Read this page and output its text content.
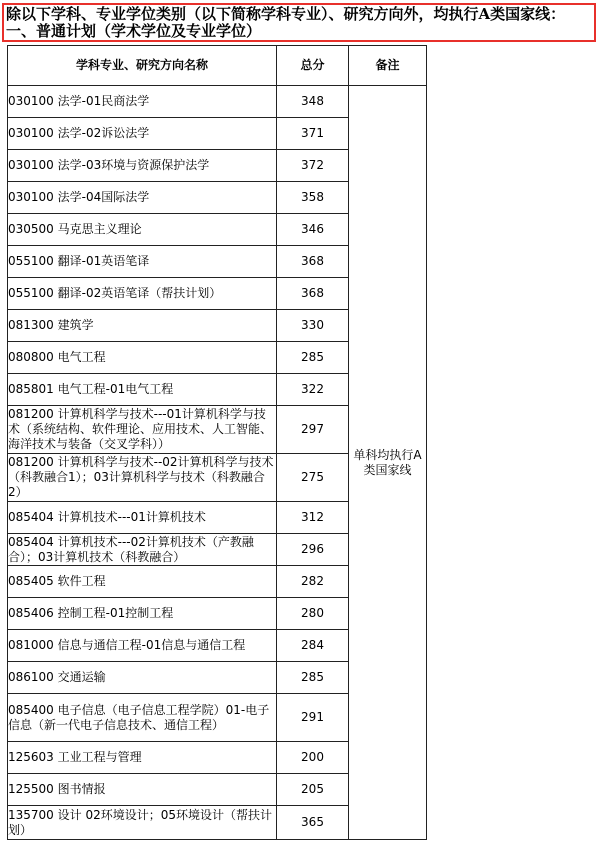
除以下学科、专业学位类别（以下简称学科专业）、研究方向外，均执行A类国家线：
一、普通计划（学术学位及专业学位）
学科专业、研究方向名称	总分	备注
030100 法学-01民商法学	348	单科均执行A类国家线
030100 法学-02诉讼法学	371	
030100 法学-03环境与资源保护法学	372	
030100 法学-04国际法学	358	
030500 马克思主义理论	346	
055100 翻译-01英语笔译	368	
055100 翻译-02英语笔译（帮扶计划）	368	
081300 建筑学	330	
080800 电气工程	285	
085801 电气工程-01电气工程	322	
081200 计算机科学与技术---01计算机科学与技术（系统结构、软件理论、应用技术、人工智能、海洋技术与装备（交叉学科））	297	
081200 计算机科学与技术--02计算机科学与技术（科教融合1）；03计算机科学与技术（科教融合2）	275	
085404 计算机技术---01计算机技术	312	
085404 计算机技术---02计算机技术（产教融合）；03计算机技术（科教融合）	296	
085405 软件工程	282	
085406 控制工程-01控制工程	280	
081000 信息与通信工程-01信息与通信工程	284	
086100 交通运输	285	
085400 电子信息（电子信息工程学院）01-电子信息（新一代电子信息技术、通信工程）	291	
125603 工业工程与管理	200	
125500 图书情报	205	
135700 设计 02环境设计；05环境设计（帮扶计划）	365	
